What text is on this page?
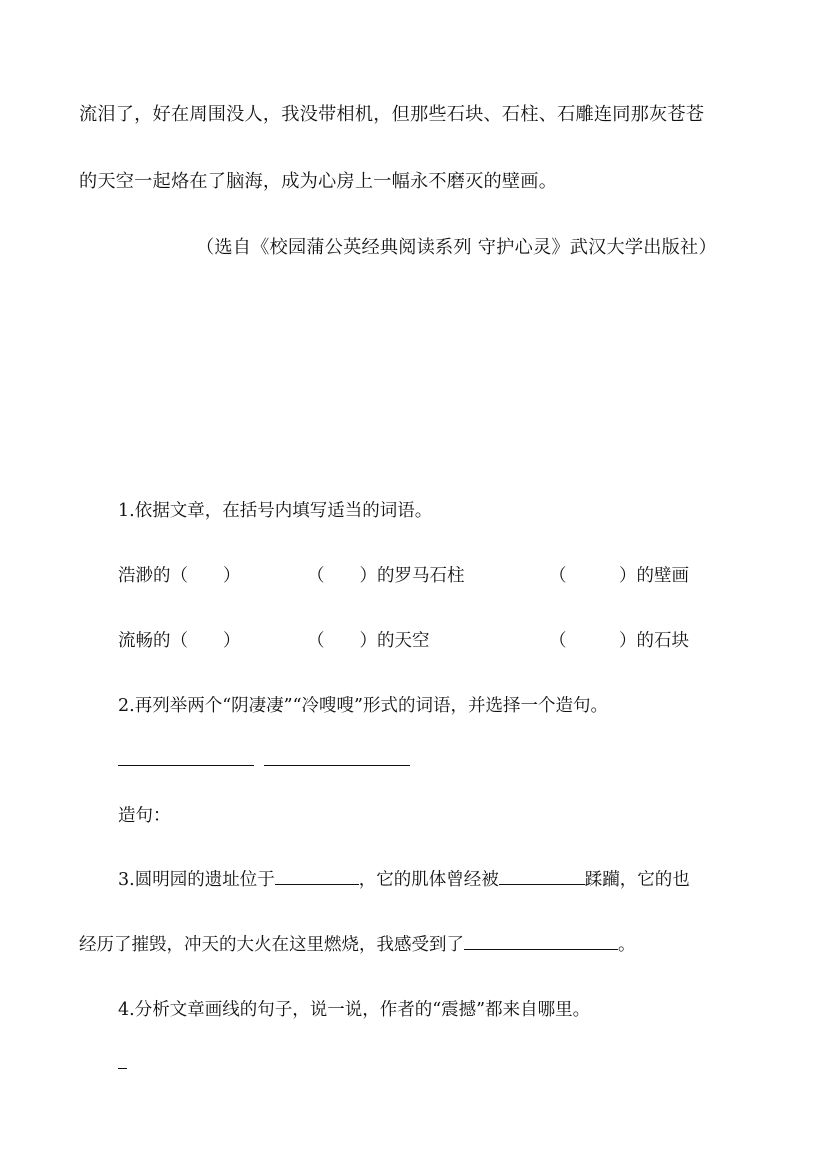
流泪了，好在周围没人，我没带相机，但那些石块、石柱、石雕连同那灰苍苍
的天空一起烙在了脑海，成为心房上一幅永不磨灭的壁画。
（选自《校园蒲公英经典阅读系列 守护心灵》武汉大学出版社）
1.依据文章，在括号内填写适当的词语。
浩渺的（　　）	（　　）的罗马石柱	（　　　）的壁画
流畅的（　　）	（　　）的天空	（　　　）的石块
2.再列举两个“阴凄凄”“冷嗖嗖”形式的词语，并选择一个造句。
造句：
3.圆明园的遗址位于	，它的肌体曾经被	蹂躏，它的也
经历了摧毁，冲天的大火在这里燃烧，我感受到了	。
4.分析文章画线的句子，说一说，作者的“震撼”都来自哪里。
